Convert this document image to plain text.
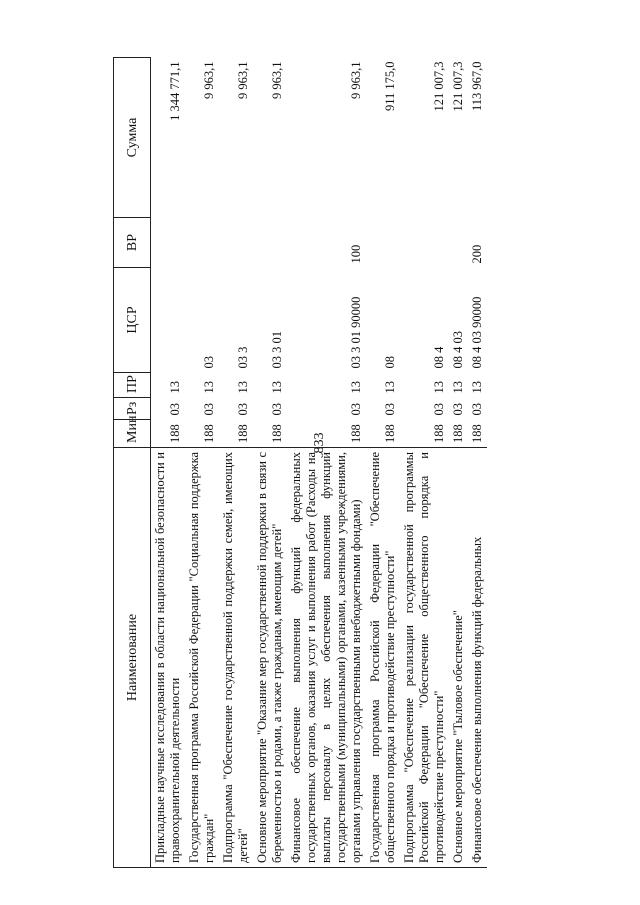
833
Наименование	Мин	Рз	ПР	ЦСР	ВР	Сумма
Прикладные научные исследования в области национальной безопасности и правоохранительной деятельности	188	03	13			1 344 771,1
Государственная программа Российской Федерации "Социальная поддержка граждан"	188	03	13	03		9 963,1
Подпрограмма "Обеспечение государственной поддержки семей, имеющих детей"	188	03	13	03 3		9 963,1
Основное мероприятие "Оказание мер государственной поддержки в связи с беременностью и родами, а также гражданам, имеющим детей"	188	03	13	03 3 01		9 963,1
Финансовое обеспечение выполнения функций федеральных государственных органов, оказания услуг и выполнения работ (Расходы на выплаты персоналу в целях обеспечения выполнения функций государственными (муниципальными) органами, казенными учреждениями, органами управления государственными внебюджетными фондами)	188	03	13	03 3 01 90000	100	9 963,1
Государственная программа Российской Федерации "Обеспечение общественного порядка и противодействие преступности"	188	03	13	08		911 175,0
Подпрограмма "Обеспечение реализации государственной программы Российской Федерации "Обеспечение общественного порядка и противодействие преступности"	188	03	13	08 4		121 007,3
Основное мероприятие "Тыловое обеспечение"	188	03	13	08 4 03		121 007,3
Финансовое обеспечение выполнения функций федеральных	188	03	13	08 4 03 90000	200	113 967,0
